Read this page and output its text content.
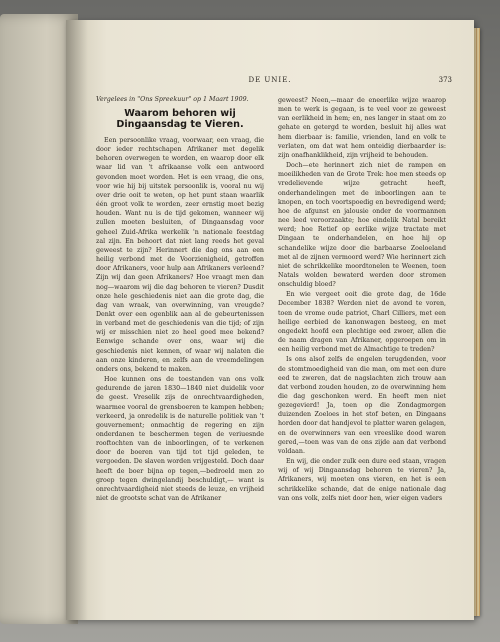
DE UNIE.	373

Vergelees in "Ons Spreekuur" op 1 Maart 1909.

Waarom behoren wij Dingaansdag te Vieren.

Een persoonlike vraag, voorwaar, een vraag, die door ieder rechtschapen Afrikaner met degelik behoren overwegen te worden, en waarop door elk waar lid van 't afrikaanse volk een antwoord gevonden moet worden. Het is een vraag, die ons, voor wie hij bij uitstek persoonlik is, vooral nu wij over drie ooit te weten, op het punt staan waarlik één groot volk te worden, zeer ernstig moet bezig houden. Want nu is de tijd gekomen, wanneer wij zullen moeten besluiten, of Dingaansdag voor geheel Zuid-Afrika werkelik 'n nationale feestdag zal zijn. En behoort dat niet lang reeds het geval geweest te zijn? Herinnert die dag ons aan een heilig verbond met de Voorzienigheid, getroffen door Afrikaners, voor hulp aan Afrikaners verleend? Zijn wij dan geen Afrikaners? Hoe vraagt men dan nog—waarom wij die dag behoren te vieren? Dusdit onze hele geschiedenis niet aan die grote dag, die dag van wraak, van overwinning, van vreugde? Denkt over een ogenblik aan al de gebeurtenissen in verband met de geschiedenis van die tijd; of zijn wij er misschien niet zo heel goed mee bekend? Eenwige schande over ons, waar wij die geschiedenis niet kennen, of waar wij nalaten die aan onze kinderen, en zelfs aan de vreemdelingen onders ons, bekend te maken.

Hoe kunnen ons de toestanden van ons volk gedurende de jaren 1830—1840 niet duidelik voor de geest. Vreselik zijs de onrechtvaardigheden, waarmee vooral de grensboeren te kampen hebben; verkeerd, ja onredelik is de naturelle politiek van 't gouvernement; onmachtig de regering en zijn onderdanen te beschermen tegen de veriuesnde rooftochten van de inboorlingen, of te verkenen door de boeren van tijd tot tijd geleden, te vergoeden. De slaven worden vrijgesteld. Doch daar heeft de boer bijna op tegen,—bedroeld men zo groep tegen dwingelandij beschuldigt,— want is onrechtvaardigheid niet steeds de leuze, en vrijheid niet de grootste schat van de Afrikaner

geweest? Neen,—maar de eneerlike wijze waarop men te werk is gegaan, is te veel voor ze geweest van eerlikheid in hem; en, nes langer in staat om zo gehate en getergd te worden, besluit hij alles wat hem dierbaar is: familie, vrienden, land en volk te verlaten, om dat wat hem onteidig dierbaarder is: zijn onafhanklikheid, zijn vrijheid te behouden.

Doch—ete herinnert zich niet de rampen en moeilikheden van de Grote Trek: hoe men steeds op vredelievende wijze getracht heeft, onderhandelingen met de inboorlingen aan te knopen, en toch voortspoedig en bevredigend werd; hoe de afgunst en jalousie onder de voormannen nee leed veroorzaakte; hoe eindelik Natal bereikt werd; hoe Retief op eerlike wijze tractate met Dingaan te onderhandelen, en hoe hij op schandelike wijze door die barbaarse Zoeloeland met al de zijnen vermoord werd? Wie herinnert zich niet de schrikkelike moordtonelen te Weenen, toen Natals wolden bewaterd werden door stromen onschuldig bloed?

En wie vergeet ooit die grote dag, de 16de December 1838? Werden niet de avond te voren, toen de vrome oude patriot, Charl Cilliers, met een heilige eerbied de kanonwagen besteeg, en met ongedekt hoofd een plechtige eed zwoer, allen die de naam dragen van Afrikaner, opgeroepen om in een heilig verbond met de Almachtige te treden?

Is ons alsof zelfs de engelen terugdenden, voor de stomtmoedigheid van die man, om met een dure eed te zweren, dat de nagslachten zich trouw aan dat verbond zouden houden, zo de overwinning hem die dag geschonken werd. En heeft men niet gezegevierd! Ja, toen op die Zondagmorgen duizenden Zoeloes in het stof beten, en Dingaans horden door dat handjevol te platter waren gelagen, en de overwinners van een vreeslike dood waren gered,—toen was van de ons zijde aan dat verbond voldaan.

En wij, die onder zulk een dure eed staan, vragen wij of wij Dingaansdag behoren te vieren? Ja, Afrikaners, wij moeten ons vieren, en het is een schrikkelike schande, dat de enige nationale dag van ons volk, zelfs niet door hen, wier eigen vaders
